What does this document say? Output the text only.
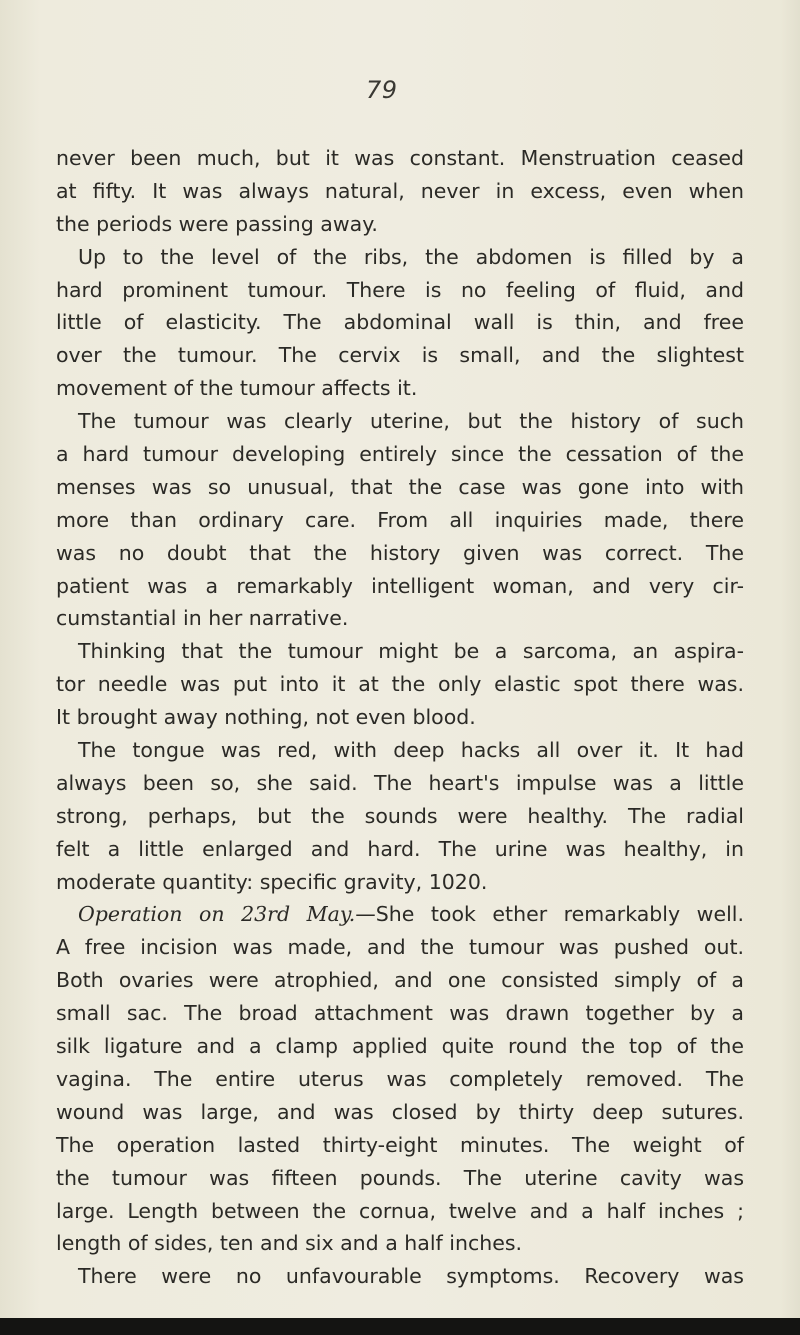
79
never been much, but it was constant. Menstruation ceased
at fifty. It was always natural, never in excess, even when
the periods were passing away.
Up to the level of the ribs, the abdomen is filled by a
hard prominent tumour. There is no feeling of fluid, and
little of elasticity. The abdominal wall is thin, and free
over the tumour. The cervix is small, and the slightest
movement of the tumour affects it.
The tumour was clearly uterine, but the history of such
a hard tumour developing entirely since the cessation of the
menses was so unusual, that the case was gone into with
more than ordinary care. From all inquiries made, there
was no doubt that the history given was correct. The
patient was a remarkably intelligent woman, and very cir-
cumstantial in her narrative.
Thinking that the tumour might be a sarcoma, an aspira-
tor needle was put into it at the only elastic spot there was.
It brought away nothing, not even blood.
The tongue was red, with deep hacks all over it. It had
always been so, she said. The heart's impulse was a little
strong, perhaps, but the sounds were healthy. The radial
felt a little enlarged and hard. The urine was healthy, in
moderate quantity: specific gravity, 1020.
Operation on 23rd May.—She took ether remarkably well.
A free incision was made, and the tumour was pushed out.
Both ovaries were atrophied, and one consisted simply of a
small sac. The broad attachment was drawn together by a
silk ligature and a clamp applied quite round the top of the
vagina. The entire uterus was completely removed. The
wound was large, and was closed by thirty deep sutures.
The operation lasted thirty-eight minutes. The weight of
the tumour was fifteen pounds. The uterine cavity was
large. Length between the cornua, twelve and a half inches ;
length of sides, ten and six and a half inches.
There were no unfavourable symptoms. Recovery was
